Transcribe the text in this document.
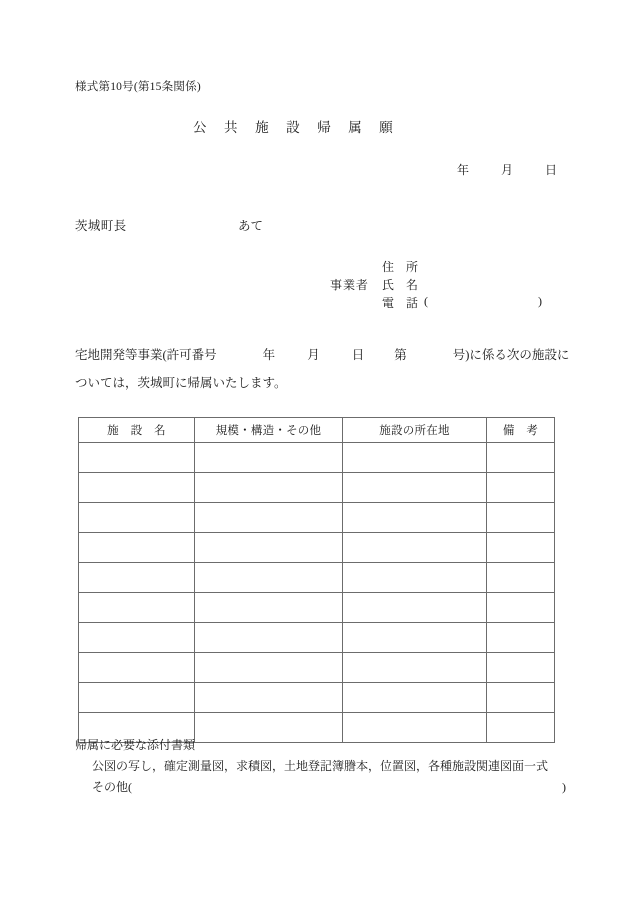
様式第10号(第15条関係)
公共施設帰属願
年	月	日
茨城町長	あて
住　所
事業者 氏　名
電　話 (	)
宅地開発等事業(許可番号	年	月	日 第	号)に係る次の施設に
ついては，茨城町に帰属いたします。
施　設　名	規模・構造・その他	施設の所在地	備　考

帰属に必要な添付書類
公図の写し，確定測量図，求積図，土地登記簿謄本，位置図，各種施設関連図面一式
その他(	)
